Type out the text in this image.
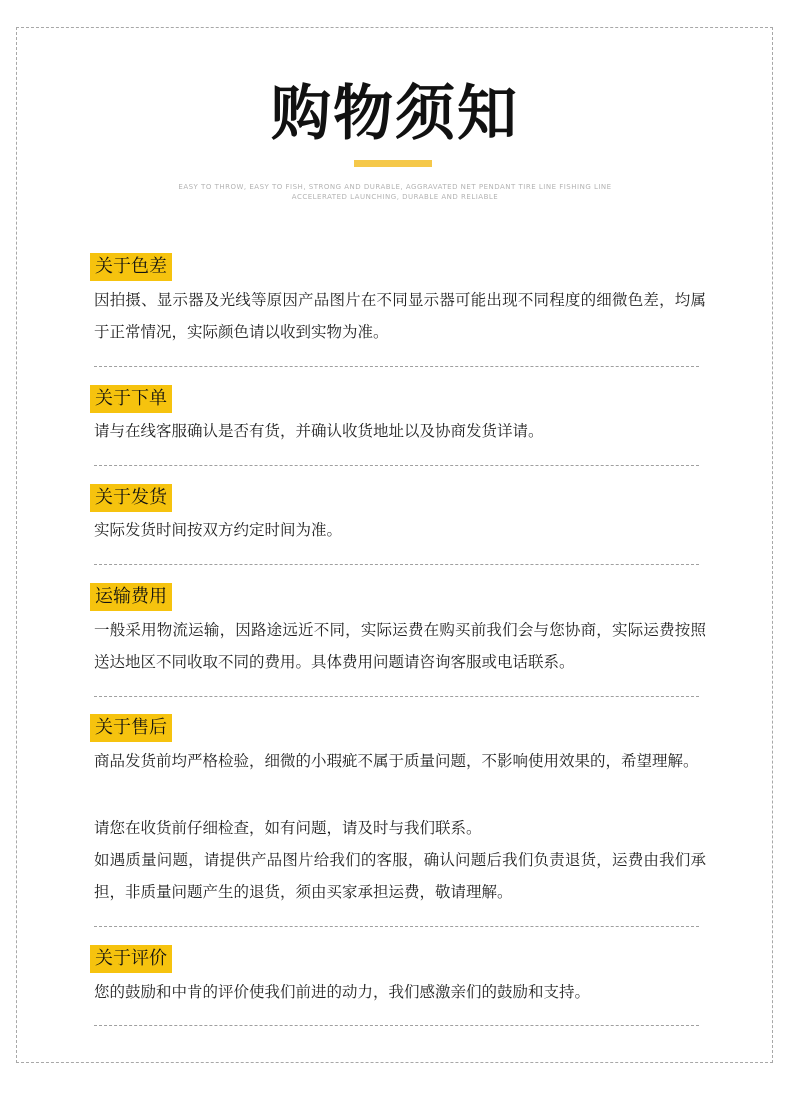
购物须知
EASY TO THROW, EASY TO FISH, STRONG AND DURABLE, AGGRAVATED NET PENDANT TIRE LINE FISHING LINE
ACCELERATED LAUNCHING, DURABLE AND RELIABLE
关于色差

因拍摄、显示器及光线等原因产品图片在不同显示器可能出现不同程度的细微色差，均属于正常情况，实际颜色请以收到实物为准。

关于下单

请与在线客服确认是否有货，并确认收货地址以及协商发货详请。

关于发货

实际发货时间按双方约定时间为准。

运输费用

一般采用物流运输，因路途远近不同，实际运费在购买前我们会与您协商，实际运费按照送达地区不同收取不同的费用。具体费用问题请咨询客服或电话联系。

关于售后

商品发货前均严格检验，细微的小瑕疵不属于质量问题，不影响使用效果的，希望理解。

请您在收货前仔细检查，如有问题，请及时与我们联系。

如遇质量问题，请提供产品图片给我们的客服，确认问题后我们负责退货，运费由我们承担，非质量问题产生的退货，须由买家承担运费，敬请理解。

关于评价

您的鼓励和中肯的评价使我们前进的动力，我们感激亲们的鼓励和支持。
